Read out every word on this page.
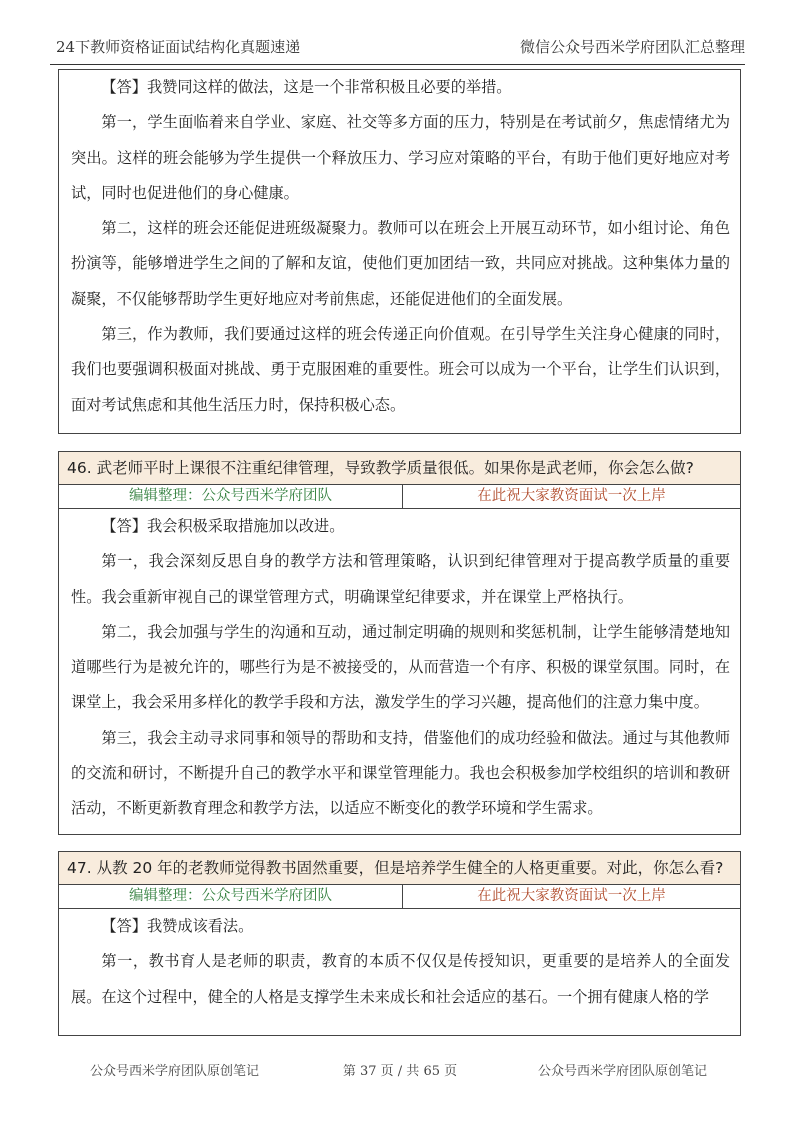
24下教师资格证面试结构化真题速递	微信公众号西米学府团队汇总整理

【答】我赞同这样的做法，这是一个非常积极且必要的举措。

第一，学生面临着来自学业、家庭、社交等多方面的压力，特别是在考试前夕，焦虑情绪尤为突出。这样的班会能够为学生提供一个释放压力、学习应对策略的平台，有助于他们更好地应对考试，同时也促进他们的身心健康。

第二，这样的班会还能促进班级凝聚力。教师可以在班会上开展互动环节，如小组讨论、角色扮演等，能够增进学生之间的了解和友谊，使他们更加团结一致，共同应对挑战。这种集体力量的凝聚，不仅能够帮助学生更好地应对考前焦虑，还能促进他们的全面发展。

第三，作为教师，我们要通过这样的班会传递正向价值观。在引导学生关注身心健康的同时，我们也要强调积极面对挑战、勇于克服困难的重要性。班会可以成为一个平台，让学生们认识到，面对考试焦虑和其他生活压力时，保持积极心态。

46. 武老师平时上课很不注重纪律管理，导致教学质量很低。如果你是武老师，你会怎么做?
编辑整理：公众号西米学府团队	在此祝大家教资面试一次上岸

【答】我会积极采取措施加以改进。

第一，我会深刻反思自身的教学方法和管理策略，认识到纪律管理对于提高教学质量的重要性。我会重新审视自己的课堂管理方式，明确课堂纪律要求，并在课堂上严格执行。

第二，我会加强与学生的沟通和互动，通过制定明确的规则和奖惩机制，让学生能够清楚地知道哪些行为是被允许的，哪些行为是不被接受的，从而营造一个有序、积极的课堂氛围。同时，在课堂上，我会采用多样化的教学手段和方法，激发学生的学习兴趣，提高他们的注意力集中度。

第三，我会主动寻求同事和领导的帮助和支持，借鉴他们的成功经验和做法。通过与其他教师的交流和研讨，不断提升自己的教学水平和课堂管理能力。我也会积极参加学校组织的培训和教研活动，不断更新教育理念和教学方法，以适应不断变化的教学环境和学生需求。

47. 从教 20 年的老教师觉得教书固然重要，但是培养学生健全的人格更重要。对此，你怎么看?
编辑整理：公众号西米学府团队	在此祝大家教资面试一次上岸

【答】我赞成该看法。

第一，教书育人是老师的职责，教育的本质不仅仅是传授知识，更重要的是培养人的全面发展。在这个过程中，健全的人格是支撑学生未来成长和社会适应的基石。一个拥有健康人格的学

公众号西米学府团队原创笔记	第 37 页 / 共 65 页	公众号西米学府团队原创笔记
